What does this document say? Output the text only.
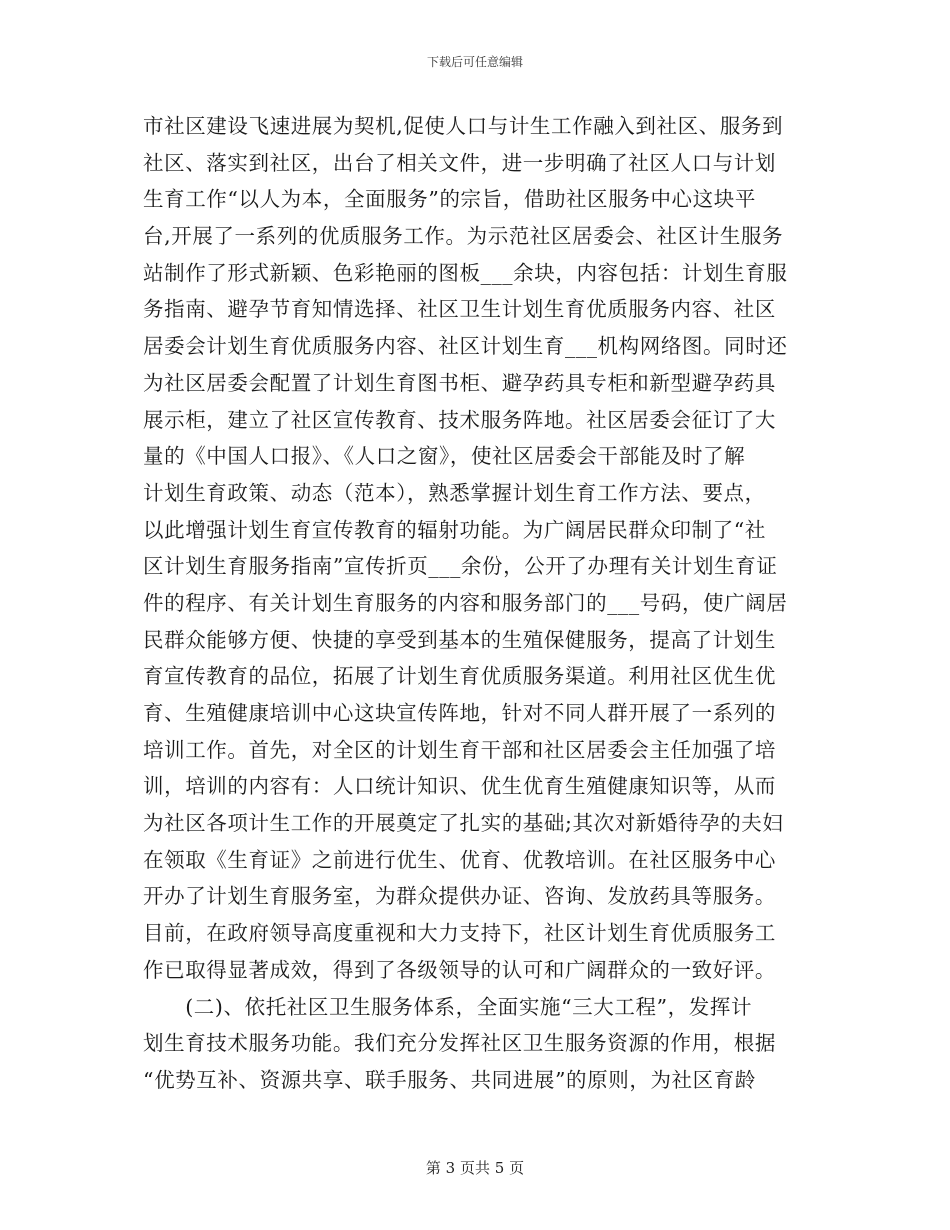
下载后可任意编辑
市社区建设飞速进展为契机,促使人口与计生工作融入到社区、服务到
社区、落实到社区，出台了相关文件，进一步明确了社区人口与计划
生育工作“以人为本，全面服务”的宗旨，借助社区服务中心这块平
台,开展了一系列的优质服务工作。为示范社区居委会、社区计生服务
站制作了形式新颖、色彩艳丽的图板___余块，内容包括：计划生育服
务指南、避孕节育知情选择、社区卫生计划生育优质服务内容、社区
居委会计划生育优质服务内容、社区计划生育___机构网络图。同时还
为社区居委会配置了计划生育图书柜、避孕药具专柜和新型避孕药具
展示柜，建立了社区宣传教育、技术服务阵地。社区居委会征订了大
量的《中国人口报》、《人口之窗》，使社区居委会干部能及时了解
计划生育政策、动态（范本），熟悉掌握计划生育工作方法、要点，
以此增强计划生育宣传教育的辐射功能。为广阔居民群众印制了“社
区计划生育服务指南”宣传折页___余份，公开了办理有关计划生育证
件的程序、有关计划生育服务的内容和服务部门的___号码，使广阔居
民群众能够方便、快捷的享受到基本的生殖保健服务，提高了计划生
育宣传教育的品位，拓展了计划生育优质服务渠道。利用社区优生优
育、生殖健康培训中心这块宣传阵地，针对不同人群开展了一系列的
培训工作。首先，对全区的计划生育干部和社区居委会主任加强了培
训，培训的内容有：人口统计知识、优生优育生殖健康知识等，从而
为社区各项计生工作的开展奠定了扎实的基础;其次对新婚待孕的夫妇
在领取《生育证》之前进行优生、优育、优教培训。在社区服务中心
开办了计划生育服务室，为群众提供办证、咨询、发放药具等服务。
目前，在政府领导高度重视和大力支持下，社区计划生育优质服务工
作已取得显著成效，得到了各级领导的认可和广阔群众的一致好评。
　　(二)、依托社区卫生服务体系，全面实施“三大工程”，发挥计
划生育技术服务功能。我们充分发挥社区卫生服务资源的作用，根据
“优势互补、资源共享、联手服务、共同进展”的原则，为社区育龄
第 3 页共 5 页
